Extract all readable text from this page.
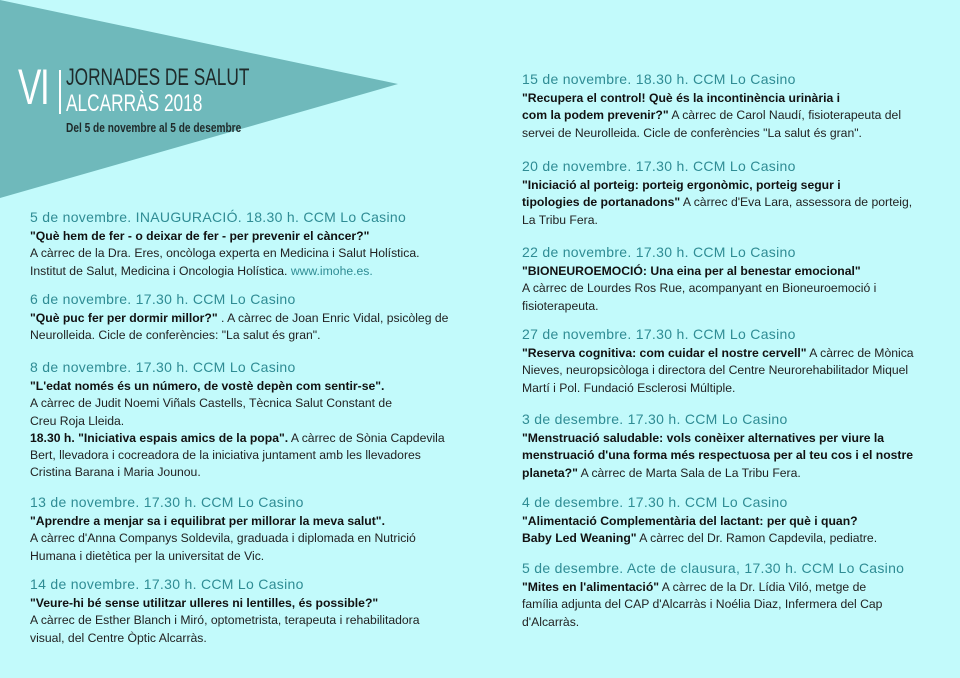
VI JORNADES DE SALUT
ALCARRÀS 2018
Del 5 de novembre al 5 de desembre
5 de novembre. INAUGURACIÓ. 18.30 h. CCM Lo Casino
"Què hem de fer - o deixar de fer - per prevenir el càncer?"
A càrrec de la Dra. Eres, oncòloga experta en Medicina i Salut Holística.
Institut de Salut, Medicina i Oncologia Holística. www.imohe.es.
6 de novembre. 17.30 h. CCM Lo Casino
"Què puc fer per dormir millor?" . A càrrec de Joan Enric Vidal, psicòleg de
Neurolleida. Cicle de conferències: "La salut és gran".
8 de novembre. 17.30 h. CCM Lo Casino
"L'edat només és un número, de vostè depèn com sentir-se".
A càrrec de Judit Noemi Viñals Castells, Tècnica Salut Constant de
Creu Roja Lleida.
18.30 h. "Iniciativa espais amics de la popa". A càrrec de Sònia Capdevila
Bert, llevadora i cocreadora de la iniciativa juntament amb les llevadores
Cristina Barana i Maria Jounou.
13 de novembre. 17.30 h. CCM Lo Casino
"Aprendre a menjar sa i equilibrat per millorar la meva salut".
A càrrec d'Anna Companys Soldevila, graduada i diplomada en Nutrició
Humana i dietètica per la universitat de Vic.
14 de novembre. 17.30 h. CCM Lo Casino
"Veure-hi bé sense utilitzar ulleres ni lentilles, és possible?"
A càrrec de Esther Blanch i Miró, optometrista, terapeuta i rehabilitadora
visual, del Centre Òptic Alcarràs.
15 de novembre. 18.30 h. CCM Lo Casino
"Recupera el control! Què és la incontinència urinària i
com la podem prevenir?" A càrrec de Carol Naudí, fisioterapeuta del
servei de Neurolleida. Cicle de conferències "La salut és gran".
20 de novembre. 17.30 h. CCM Lo Casino
"Iniciació al porteig: porteig ergonòmic, porteig segur i
tipologies de portanadons" A càrrec d'Eva Lara, assessora de porteig,
La Tribu Fera.
22 de novembre. 17.30 h. CCM Lo Casino
"BIONEUROEMOCIÓ: Una eina per al benestar emocional"
A càrrec de Lourdes Ros Rue, acompanyant en Bioneuroemoció i
fisioterapeuta.
27 de novembre. 17.30 h. CCM Lo Casino
"Reserva cognitiva: com cuidar el nostre cervell" A càrrec de Mònica
Nieves, neuropsicòloga i directora del Centre Neurorehabilitador Miquel
Martí i Pol. Fundació Esclerosi Múltiple.
3 de desembre. 17.30 h. CCM Lo Casino
"Menstruació saludable: vols conèixer alternatives per viure la
menstruació d'una forma més respectuosa per al teu cos i el nostre
planeta?" A càrrec de Marta Sala de La Tribu Fera.
4 de desembre. 17.30 h. CCM Lo Casino
"Alimentació Complementària del lactant: per què i quan?
Baby Led Weaning" A càrrec del Dr. Ramon Capdevila, pediatre.
5 de desembre. Acte de clausura, 17.30 h. CCM Lo Casino
"Mites en l'alimentació" A càrrec de la Dr. Lídia Viló, metge de
família adjunta del CAP d'Alcarràs i Noélia Diaz, Infermera del Cap
d'Alcarràs.
